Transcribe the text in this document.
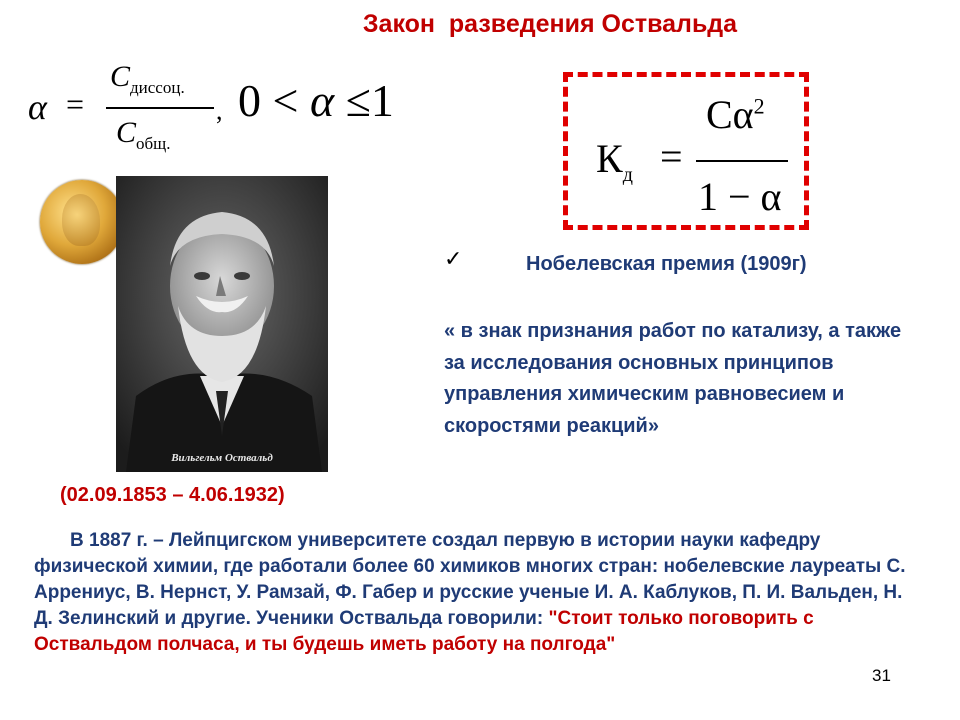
Закон  разведения Оствальда
α =
$C_{диссоц.}$
$C_{общ.}$
, 0 < α ≤1
$К_д$ =
$C\alpha^2$
1 − α
Вильгельм Оствальд
(02.09.1853 – 4.06.1932)
✓	Нобелевская премия (1909г)
« в знак признания работ по катализу, а также за исследования основных принципов управления химическим равновесием и скоростями реакций»
В 1887 г. – Лейпцигском университете создал первую в истории науки кафедру физической химии, где работали более 60 химиков многих стран: нобелевские лауреаты С. Аррениус, В. Нернст, У. Рамзай, Ф. Габер и русские ученые И. А. Каблуков, П. И. Вальден, Н. Д. Зелинский и другие. Ученики Оствальда говорили: "Стоит только поговорить с Оствальдом полчаса, и ты будешь иметь работу на полгода"
31
